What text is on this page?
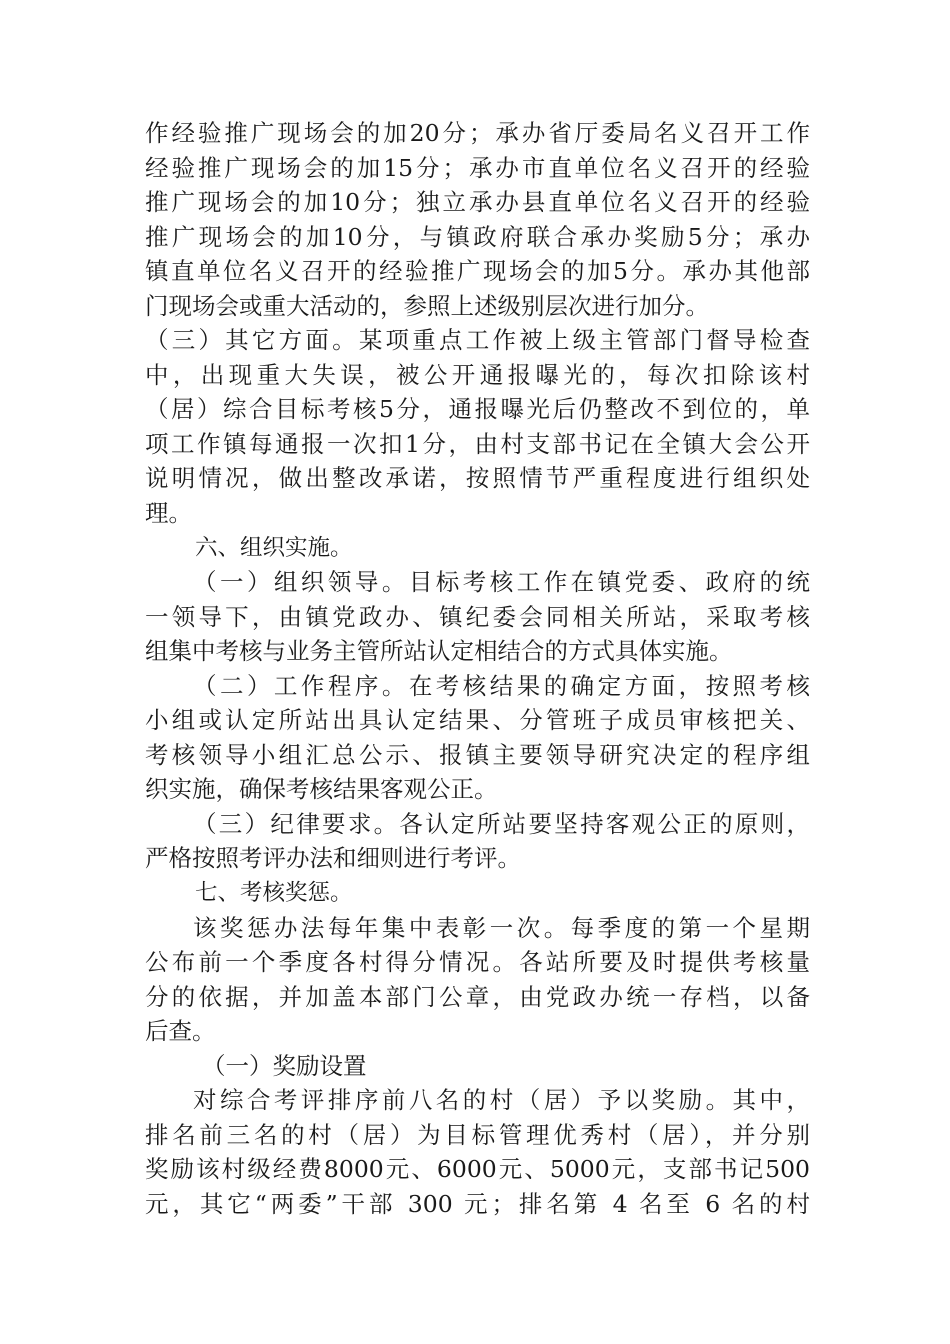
作经验推广现场会的加20分；承办省厅委局名义召开工作
经验推广现场会的加15分；承办市直单位名义召开的经验
推广现场会的加10分；独立承办县直单位名义召开的经验
推广现场会的加10分，与镇政府联合承办奖励5分；承办
镇直单位名义召开的经验推广现场会的加5分。承办其他部
门现场会或重大活动的，参照上述级别层次进行加分。
（三）其它方面。某项重点工作被上级主管部门督导检查
中，出现重大失误，被公开通报曝光的，每次扣除该村
（居）综合目标考核5分，通报曝光后仍整改不到位的，单
项工作镇每通报一次扣1分，由村支部书记在全镇大会公开
说明情况，做出整改承诺，按照情节严重程度进行组织处
理。
六、组织实施。
（一）组织领导。目标考核工作在镇党委、政府的统
一领导下，由镇党政办、镇纪委会同相关所站，采取考核
组集中考核与业务主管所站认定相结合的方式具体实施。
（二）工作程序。在考核结果的确定方面，按照考核
小组或认定所站出具认定结果、分管班子成员审核把关、
考核领导小组汇总公示、报镇主要领导研究决定的程序组
织实施，确保考核结果客观公正。
（三）纪律要求。各认定所站要坚持客观公正的原则，
严格按照考评办法和细则进行考评。
七、考核奖惩。
该奖惩办法每年集中表彰一次。每季度的第一个星期
公布前一个季度各村得分情况。各站所要及时提供考核量
分的依据，并加盖本部门公章，由党政办统一存档，以备
后查。
（一）奖励设置
对综合考评排序前八名的村（居）予以奖励。其中，
排名前三名的村（居）为目标管理优秀村（居），并分别
奖励该村级经费8000元、6000元、5000元，支部书记500
元，其它“两委”干部 300 元；排名第 4 名至 6 名的村
